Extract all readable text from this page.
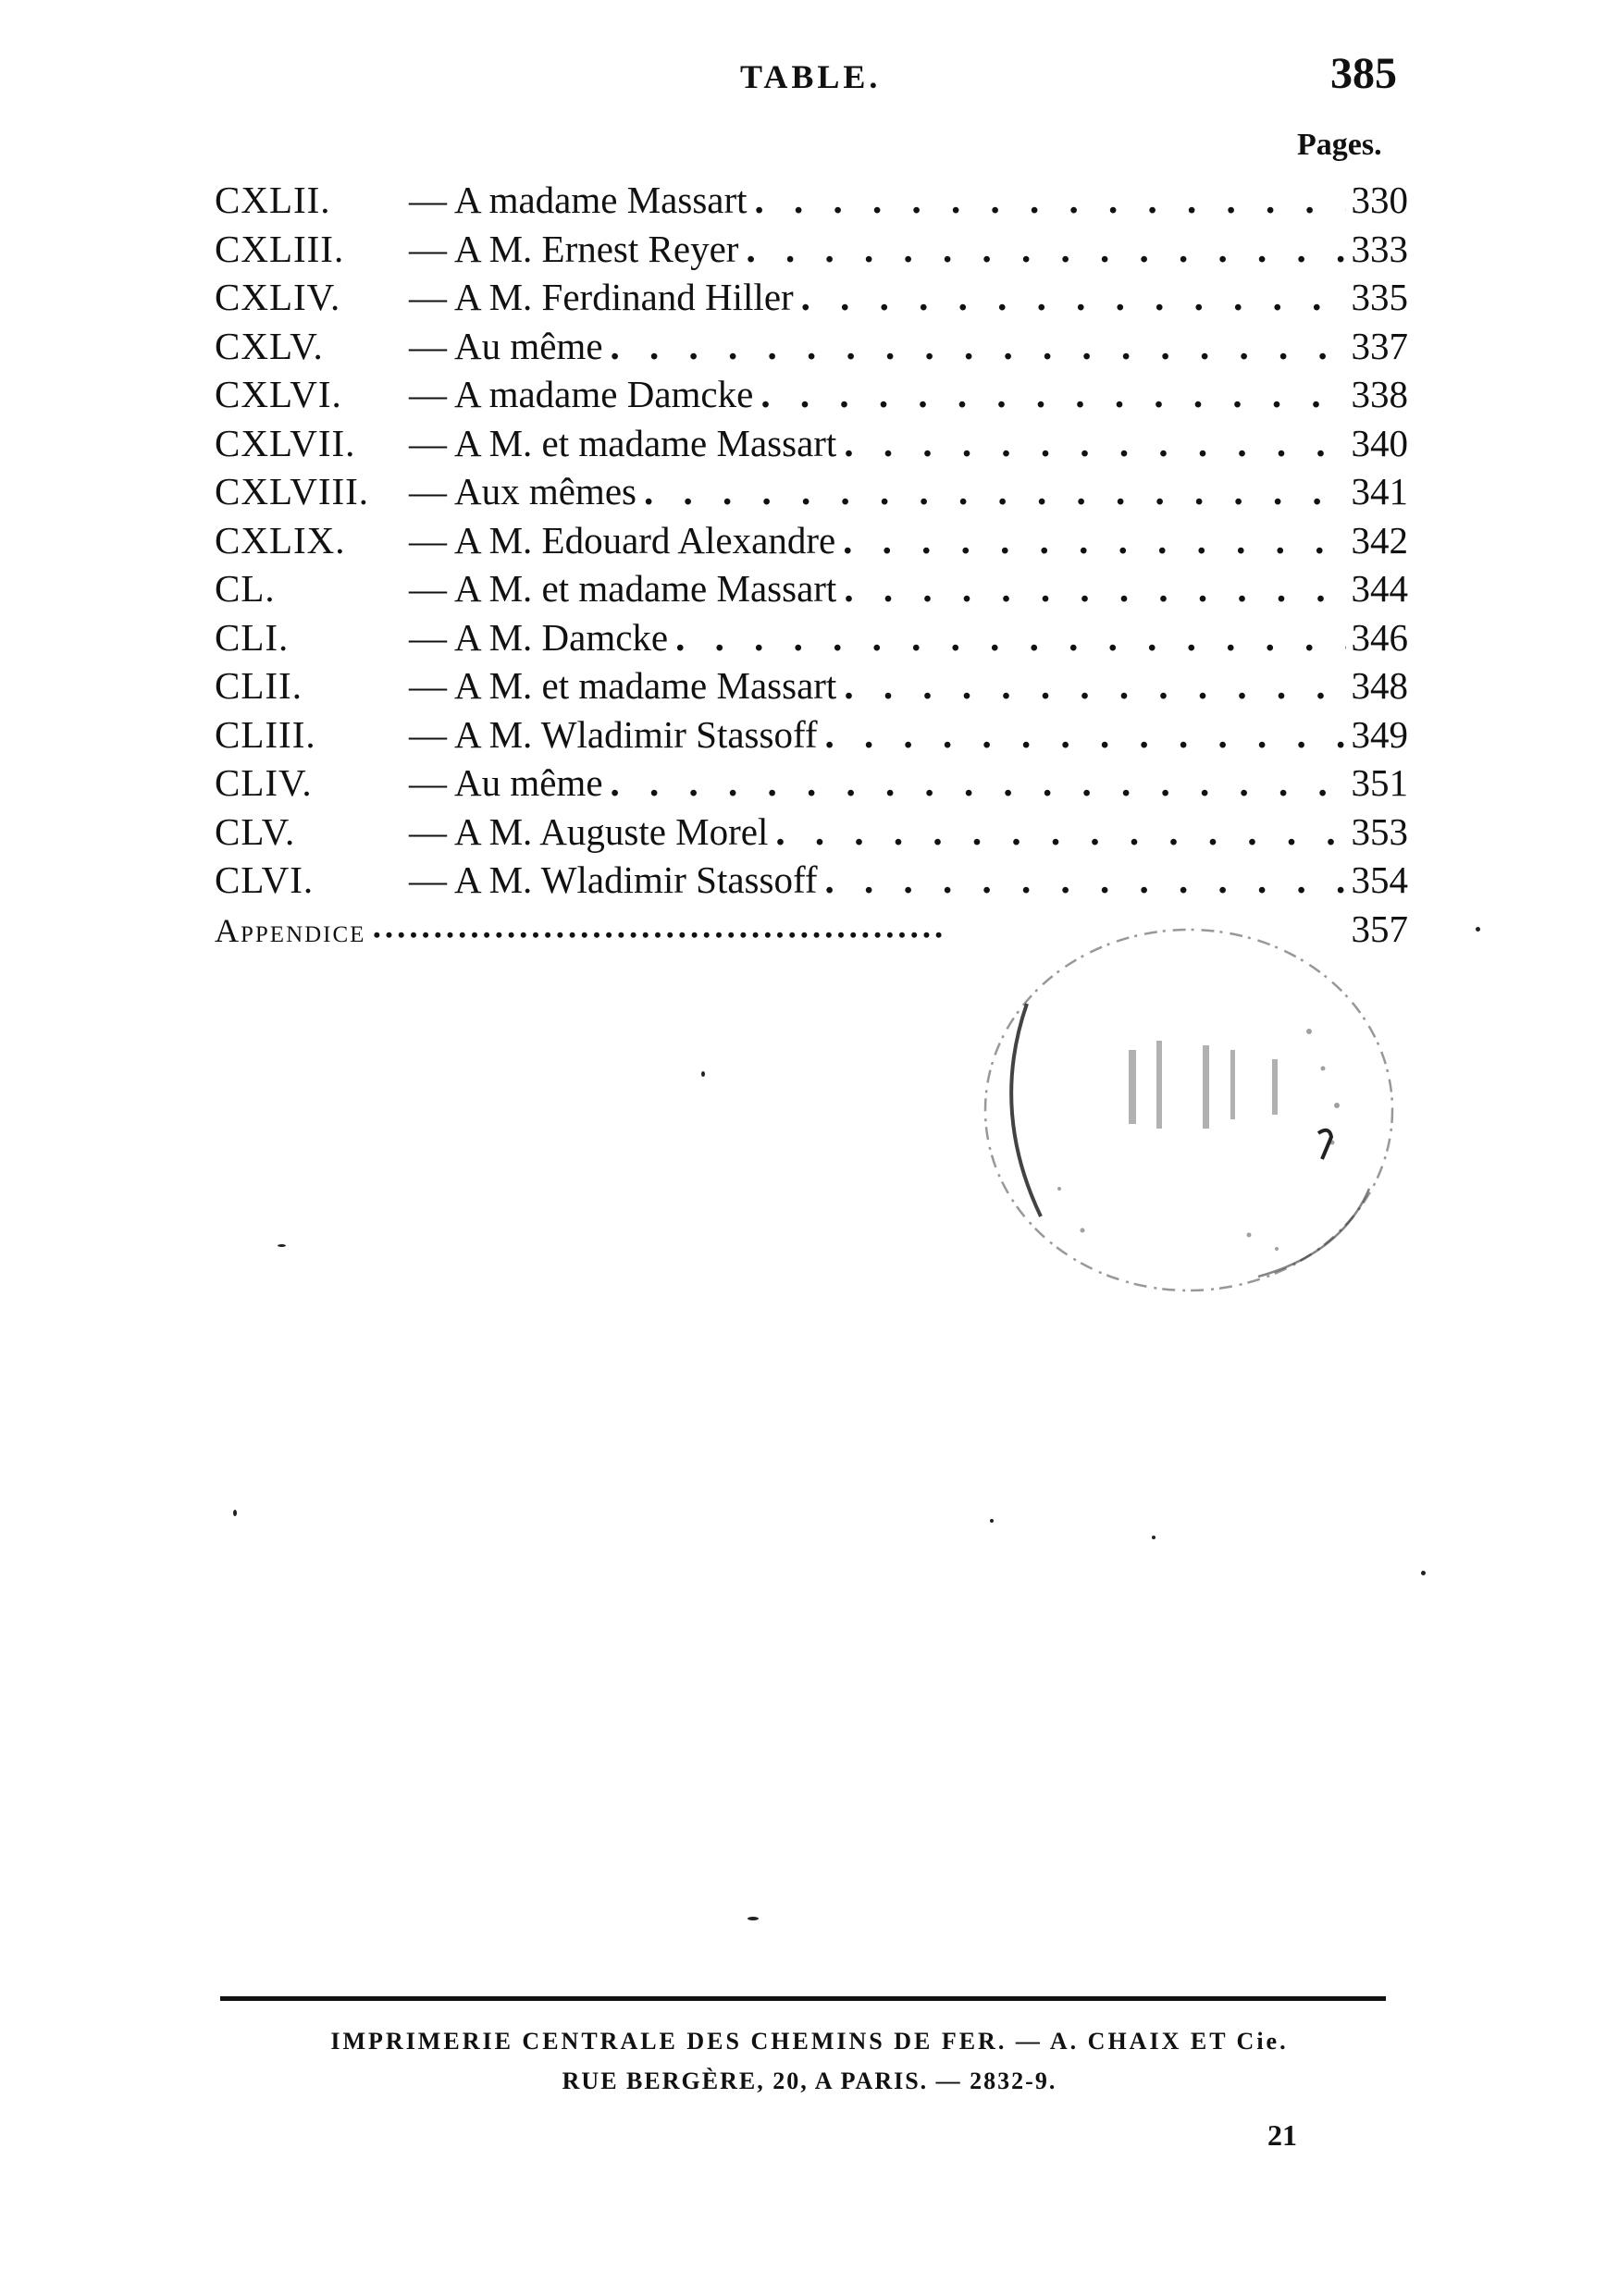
TABLE.	385
Pages.
CXLII.	— A madame Massart . . .	330
CXLIII.	— A M. Ernest Reyer . . .	333
CXLIV.	— A M. Ferdinand Hiller . . .	335
CXLV.	— Au même . . .	337
CXLVI.	— A madame Damcke . . .	338
CXLVII.	— A M. et madame Massart . . .	340
CXLVIII.	— Aux mêmes . . .	341
CXLIX.	— A M. Edouard Alexandre . . .	342
CL.	— A M. et madame Massart . . .	344
CLI.	— A M. Damcke . . .	346
CLII.	— A M. et madame Massart . . .	348
CLIII.	— A M. Wladimir Stassoff . . .	349
CLIV.	— Au même . . .	351
CLV.	— A M. Auguste Morel . . .	353
CLVI.	— A M. Wladimir Stassoff . . .	354
Appendice • • •	357
IMPRIMERIE CENTRALE DES CHEMINS DE FER. — A. CHAIX ET Cie.
RUE BERGÈRE, 20, A PARIS. — 2832-9.
21
